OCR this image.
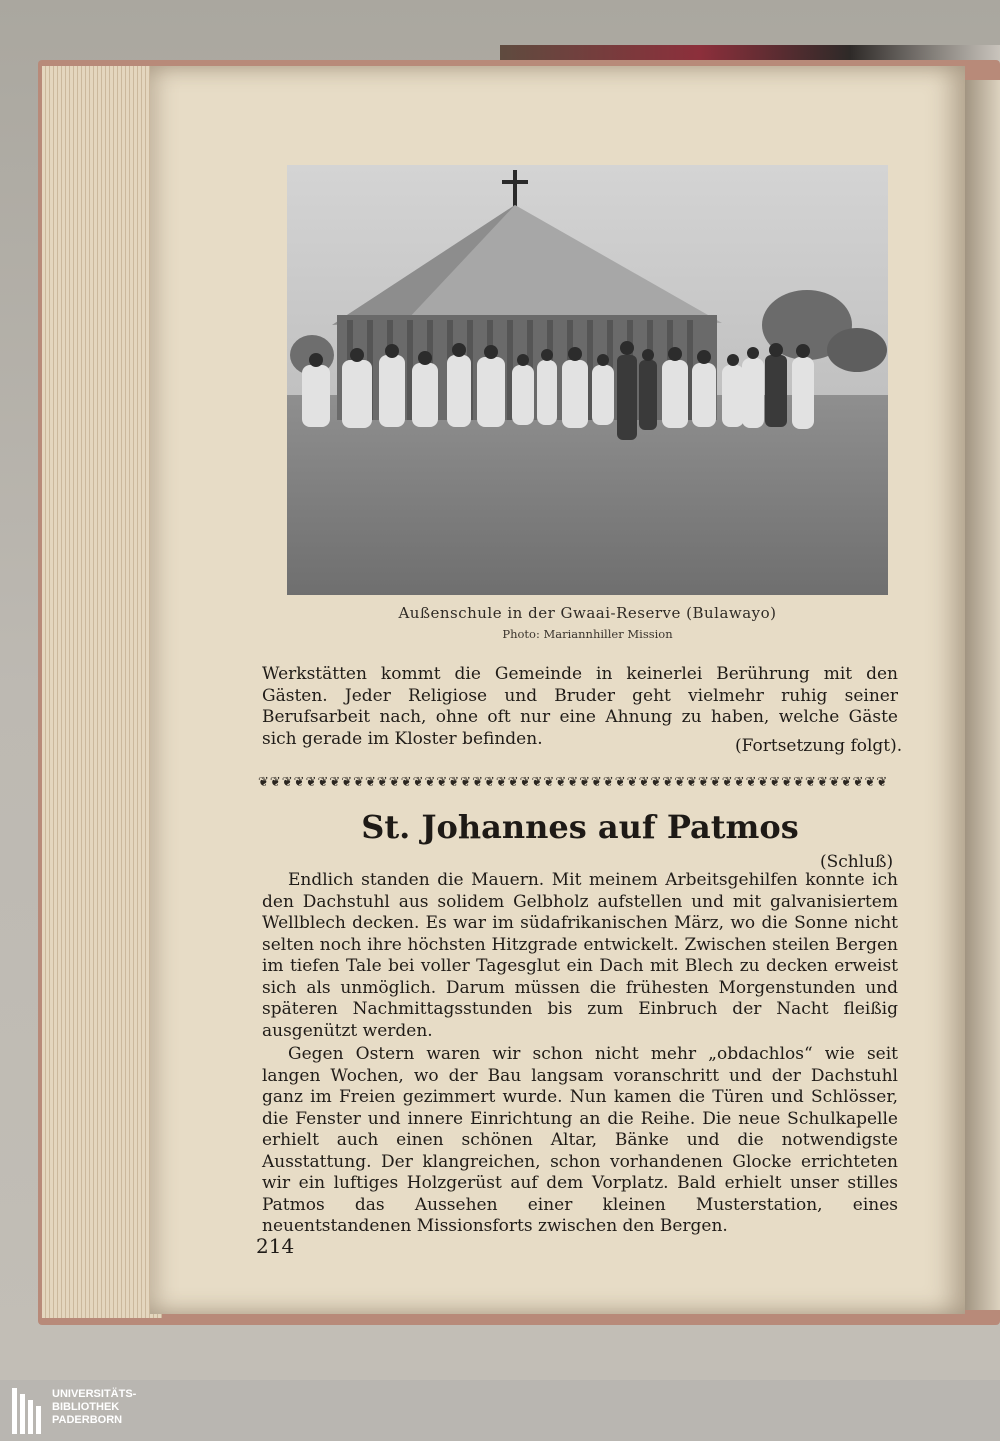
Außenschule in der Gwaai-Reserve (Bulawayo)
Photo: Mariannhiller Mission
Werkstätten kommt die Gemeinde in keinerlei Berührung mit den Gästen. Jeder Religiose und Bruder geht vielmehr ruhig seiner Berufsarbeit nach, ohne oft nur eine Ahnung zu haben, welche Gäste sich gerade im Kloster befinden.	(Fortsetzung folgt).
❦❦❦❦❦❦❦❦❦❦❦❦❦❦❦❦❦❦❦❦❦❦❦❦❦❦❦❦❦❦❦❦❦❦❦❦❦❦❦❦❦❦❦❦❦❦❦❦❦❦❦❦❦
St. Johannes auf Patmos
(Schluß)
Endlich standen die Mauern. Mit meinem Arbeitsgehilfen konnte ich den Dachstuhl aus solidem Gelbholz aufstellen und mit galvanisiertem Wellblech decken. Es war im südafrikanischen März, wo die Sonne nicht selten noch ihre höchsten Hitzgrade entwickelt. Zwischen steilen Bergen im tiefen Tale bei voller Tagesglut ein Dach mit Blech zu decken erweist sich als unmöglich. Darum müssen die frühesten Morgenstunden und späteren Nachmittagsstunden bis zum Einbruch der Nacht fleißig ausgenützt werden.
Gegen Ostern waren wir schon nicht mehr „obdachlos“ wie seit langen Wochen, wo der Bau langsam voranschritt und der Dachstuhl ganz im Freien gezimmert wurde. Nun kamen die Türen und Schlösser, die Fenster und innere Einrichtung an die Reihe. Die neue Schulkapelle erhielt auch einen schönen Altar, Bänke und die notwendigste Ausstattung. Der klangreichen, schon vorhandenen Glocke errichteten wir ein luftiges Holzgerüst auf dem Vorplatz. Bald erhielt unser stilles Patmos das Aussehen einer kleinen Musterstation, eines neuentstandenen Missionsforts zwischen den Bergen.
214
UNIVERSITÄTS-
BIBLIOTHEK
PADERBORN
